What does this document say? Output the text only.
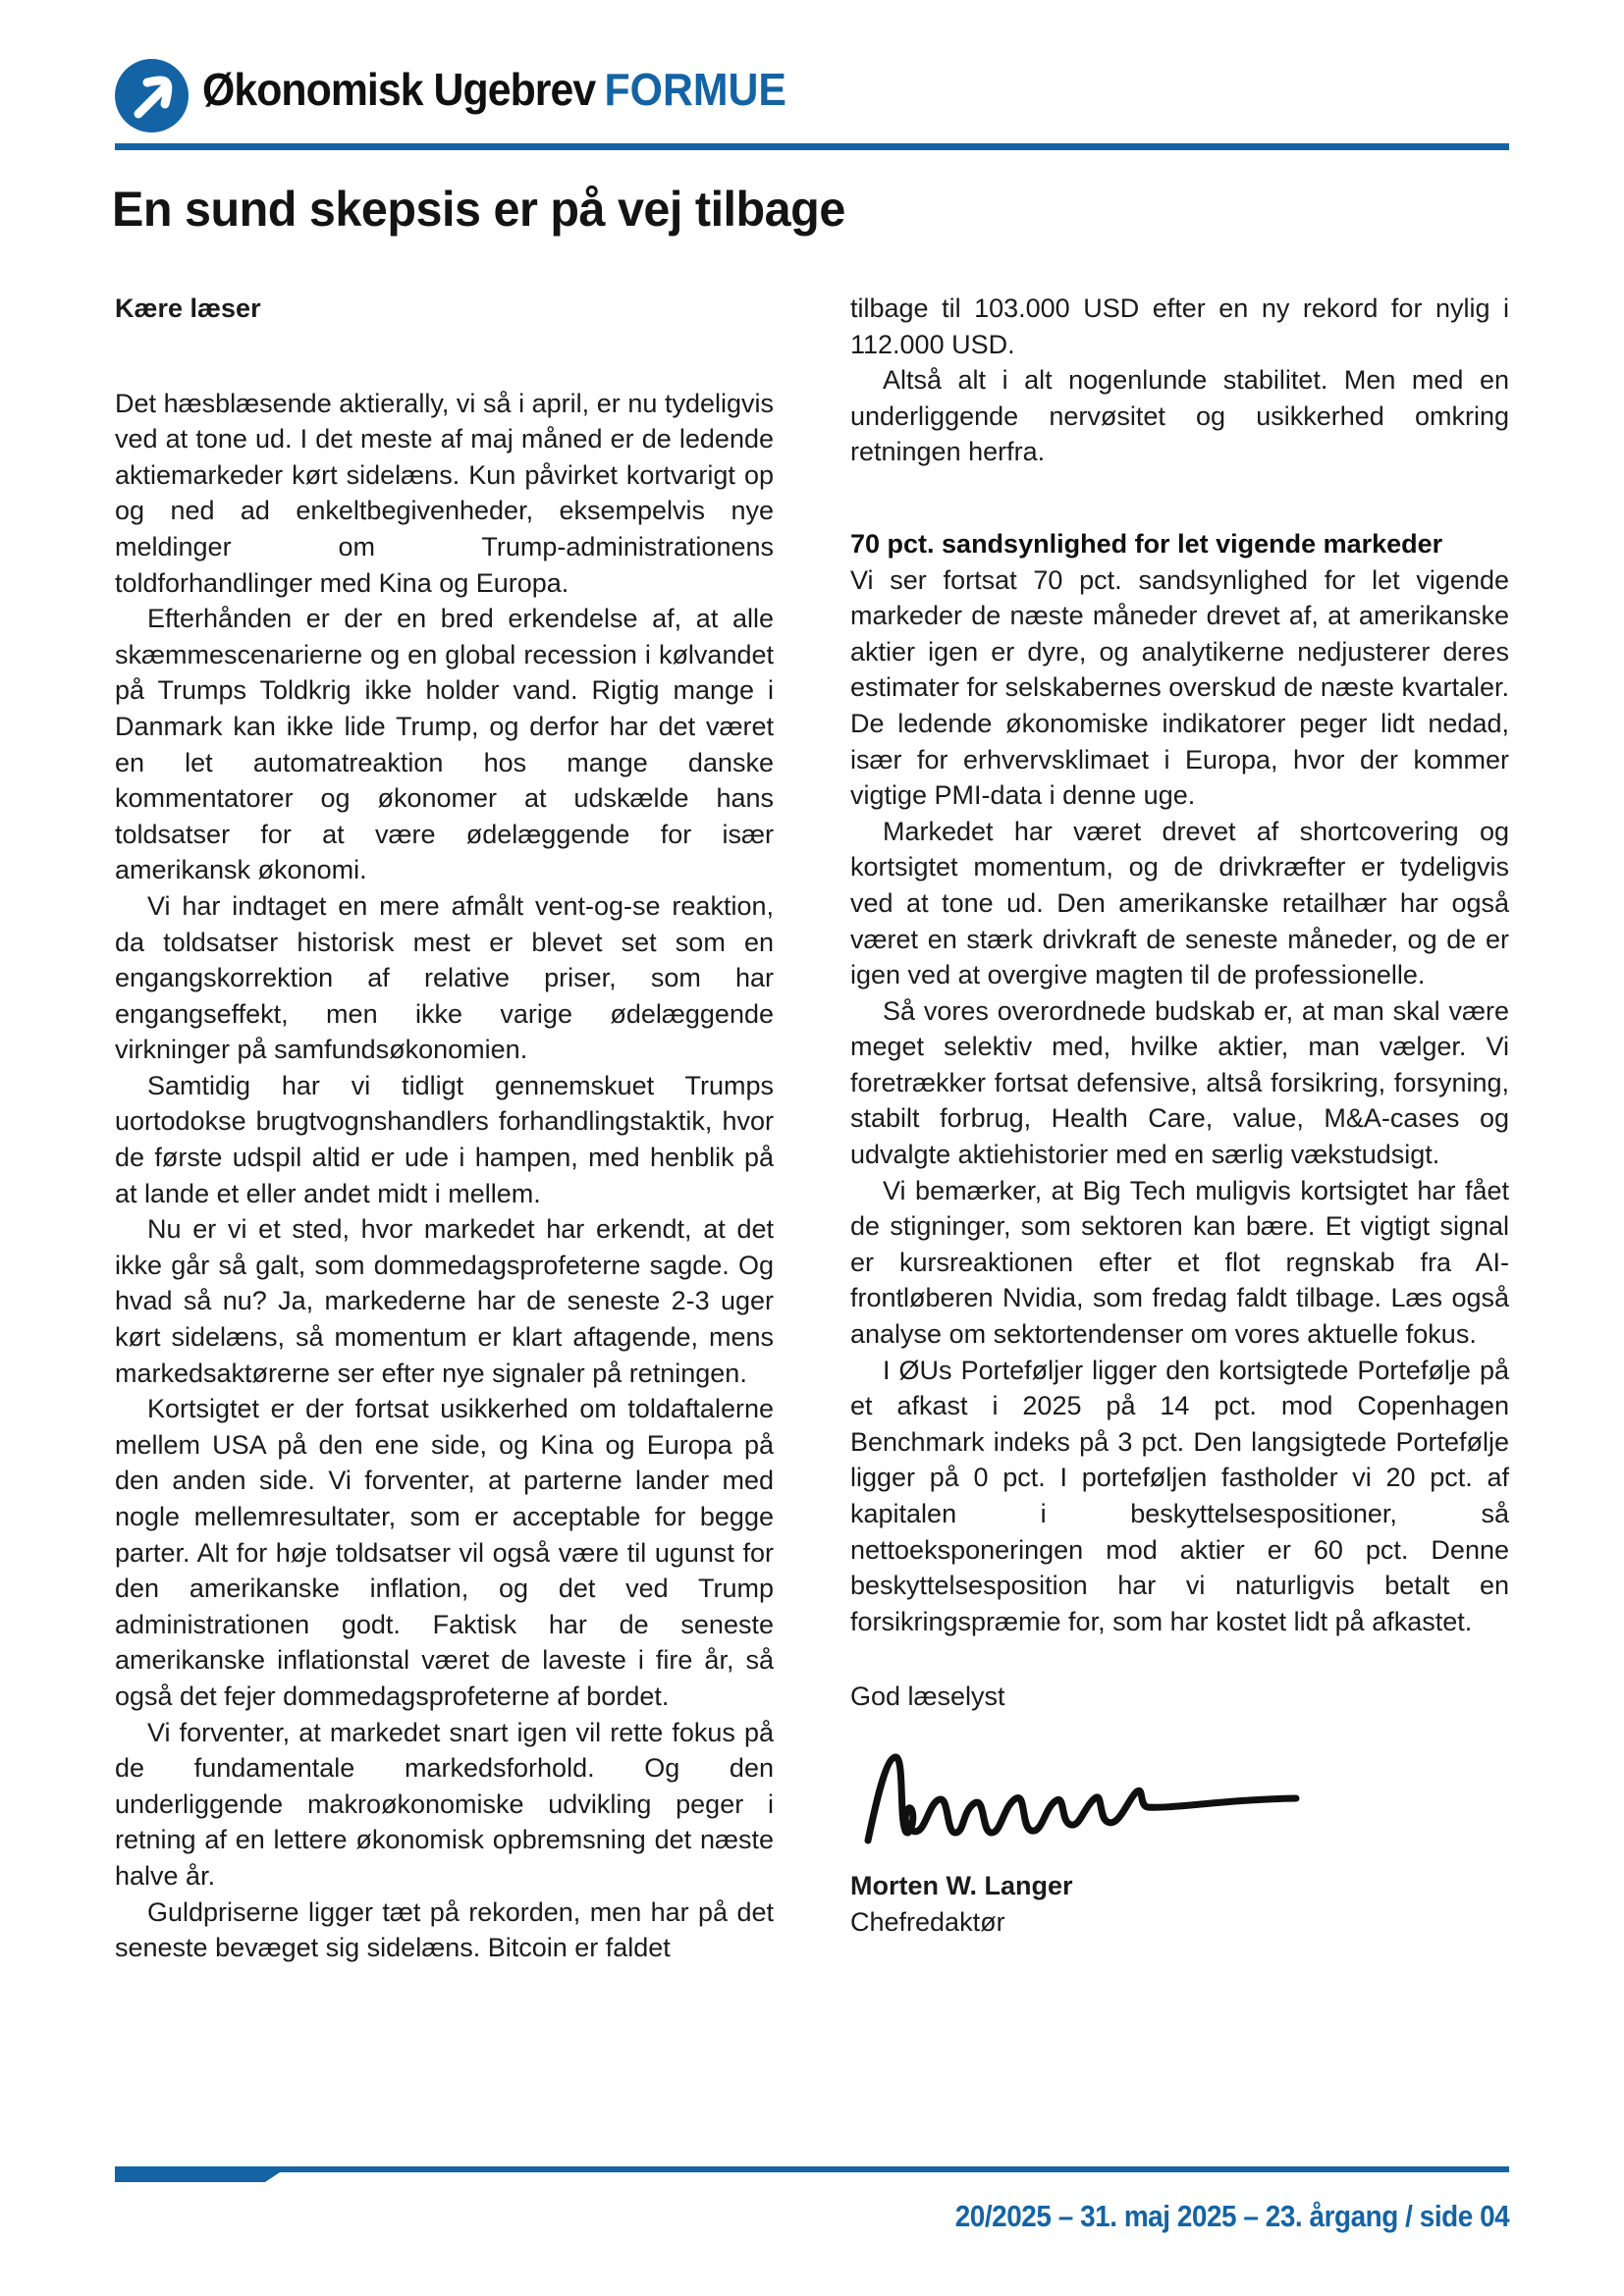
Økonomisk Ugebrev FORMUE
En sund skepsis er på vej tilbage

Kære læser

Det hæsblæsende aktierally, vi så i april, er nu tydeligvis ved at tone ud. I det meste af maj måned er de ledende aktiemarkeder kørt sidelæns. Kun påvirket kortvarigt op og ned ad enkeltbegivenheder, eksempelvis nye meldinger om Trump-administrationens toldforhandlinger med Kina og Europa.

Efterhånden er der en bred erkendelse af, at alle skæmmescenarierne og en global recession i kølvandet på Trumps Toldkrig ikke holder vand. Rigtig mange i Danmark kan ikke lide Trump, og derfor har det været en let automatreaktion hos mange danske kommentatorer og økonomer at udskælde hans toldsatser for at være ødelæggende for især amerikansk økonomi.

Vi har indtaget en mere afmålt vent-og-se reaktion, da toldsatser historisk mest er blevet set som en engangskorrektion af relative priser, som har engangseffekt, men ikke varige ødelæggende virkninger på samfundsøkonomien.

Samtidig har vi tidligt gennemskuet Trumps uortodokse brugtvognshandlers forhandlingstaktik, hvor de første udspil altid er ude i hampen, med henblik på at lande et eller andet midt i mellem.

Nu er vi et sted, hvor markedet har erkendt, at det ikke går så galt, som dommedagsprofeterne sagde. Og hvad så nu? Ja, markederne har de seneste 2-3 uger kørt sidelæns, så momentum er klart aftagende, mens markedsaktørerne ser efter nye signaler på retningen.

Kortsigtet er der fortsat usikkerhed om toldaftalerne mellem USA på den ene side, og Kina og Europa på den anden side. Vi forventer, at parterne lander med nogle mellemresultater, som er acceptable for begge parter. Alt for høje toldsatser vil også være til ugunst for den amerikanske inflation, og det ved Trump administrationen godt. Faktisk har de seneste amerikanske inflationstal været de laveste i fire år, så også det fejer dommedagsprofeterne af bordet.

Vi forventer, at markedet snart igen vil rette fokus på de fundamentale markedsforhold. Og den underliggende makroøkonomiske udvikling peger i retning af en lettere økonomisk opbremsning det næste halve år.

Guldpriserne ligger tæt på rekorden, men har på det seneste bevæget sig sidelæns. Bitcoin er faldet

tilbage til 103.000 USD efter en ny rekord for nylig i 112.000 USD.

Altså alt i alt nogenlunde stabilitet. Men med en underliggende nervøsitet og usikkerhed omkring retningen herfra.

70 pct. sandsynlighed for let vigende markeder

Vi ser fortsat 70 pct. sandsynlighed for let vigende markeder de næste måneder drevet af, at amerikanske aktier igen er dyre, og analytikerne nedjusterer deres estimater for selskabernes overskud de næste kvartaler. De ledende økonomiske indikatorer peger lidt nedad, især for erhvervsklimaet i Europa, hvor der kommer vigtige PMI-data i denne uge.

Markedet har været drevet af shortcovering og kortsigtet momentum, og de drivkræfter er tydeligvis ved at tone ud. Den amerikanske retailhær har også været en stærk drivkraft de seneste måneder, og de er igen ved at overgive magten til de professionelle.

Så vores overordnede budskab er, at man skal være meget selektiv med, hvilke aktier, man vælger. Vi foretrækker fortsat defensive, altså forsikring, forsyning, stabilt forbrug, Health Care, value, M&A-cases og udvalgte aktiehistorier med en særlig vækstudsigt.

Vi bemærker, at Big Tech muligvis kortsigtet har fået de stigninger, som sektoren kan bære. Et vigtigt signal er kursreaktionen efter et flot regnskab fra AI-frontløberen Nvidia, som fredag faldt tilbage. Læs også analyse om sektortendenser om vores aktuelle fokus.

I ØUs Porteføljer ligger den kortsigtede Portefølje på et afkast i 2025 på 14 pct. mod Copenhagen Benchmark indeks på 3 pct. Den langsigtede Portefølje ligger på 0 pct. I porteføljen fastholder vi 20 pct. af kapitalen i beskyttelsespositioner, så nettoeksponeringen mod aktier er 60 pct. Denne beskyttelsesposition har vi naturligvis betalt en forsikringspræmie for, som har kostet lidt på afkastet.

God læselyst

Morten W. Langer

Chefredaktør

20/2025 – 31. maj 2025 – 23. årgang / side 04
